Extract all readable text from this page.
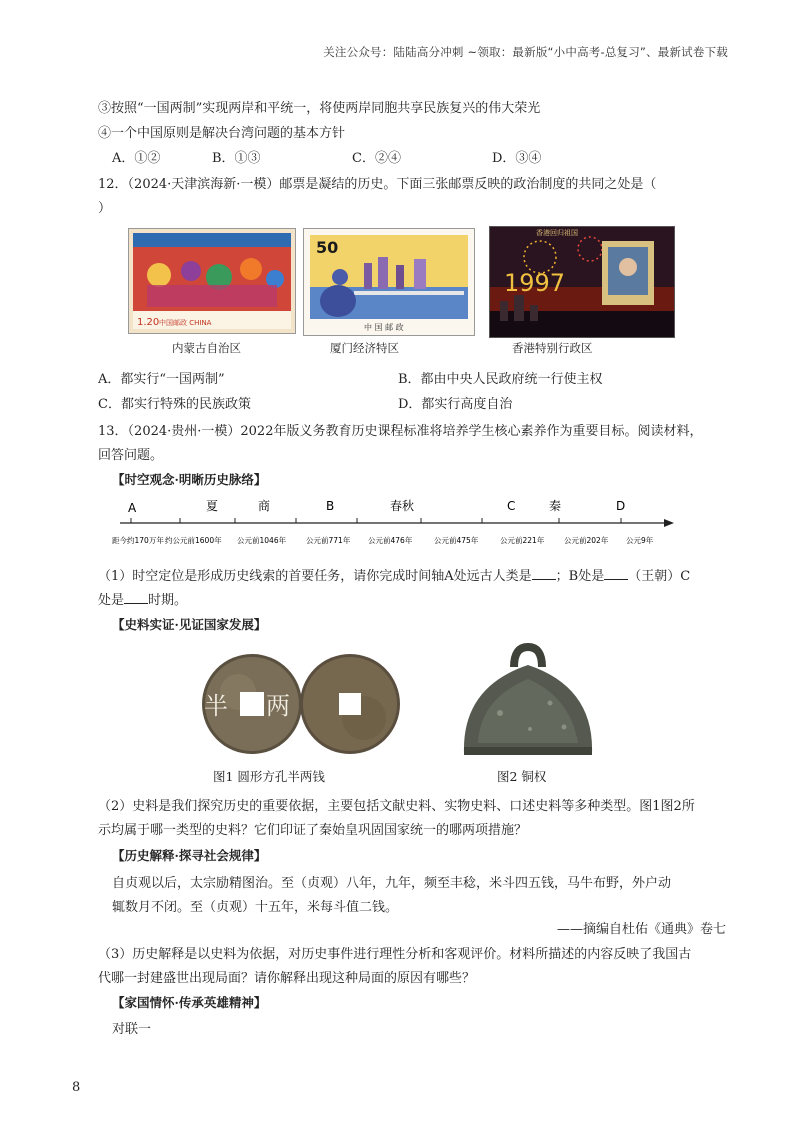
关注公众号：陆陆高分冲刺 ~领取：最新版“小中高考-总复习”、最新试卷下载
③按照“一国两制”实现两岸和平统一，将使两岸同胞共享民族复兴的伟大荣光
④一个中国原则是解决台湾问题的基本方针
A．①②	B．①③	C．②④	D．③④
12．（2024·天津滨海新·一模）邮票是凝结的历史。下面三张邮票反映的政治制度的共同之处是（
）
1.20 中国邮政 CHINA
内蒙古自治区
50
中 国 邮 政
厦门经济特区
香港回归祖国
1997
香港特别行政区
A．都实行“一国两制”	B．都由中央人民政府统一行使主权
C．都实行特殊的民族政策	D．都实行高度自治
13．（2024·贵州·一模）2022年版义务教育历史课程标准将培养学生核心素养作为重要目标。阅读材料，
回答问题。
【时空观念·明晰历史脉络】
A	夏	商	B	春秋	C	秦	D
距今约170万年 约公元前1600年 公元前1046年	公元前771年 公元前476年	公元前475年	公元前221年	公元前202年 公元9年
（1）时空定位是形成历史线索的首要任务，请你完成时间轴A处远古人类是 ；B处是 （王朝）C
处是 时期。
【史料实证·见证国家发展】
半 两
图1 圆形方孔半两钱	图2 铜权
（2）史料是我们探究历史的重要依据，主要包括文献史料、实物史料、口述史料等多种类型。图1图2所
示均属于哪一类型的史料？它们印证了秦始皇巩固国家统一的哪两项措施？
【历史解释·探寻社会规律】
自贞观以后，太宗励精图治。至（贞观）八年，九年，频至丰稔，米斗四五钱，马牛布野，外户动
辄数月不闭。至（贞观）十五年，米每斗值二钱。
——摘编自杜佑《通典》卷七
（3）历史解释是以史料为依据，对历史事件进行理性分析和客观评价。材料所描述的内容反映了我国古
代哪一封建盛世出现局面？请你解释出现这种局面的原因有哪些？
【家国情怀·传承英雄精神】
对联一
8
